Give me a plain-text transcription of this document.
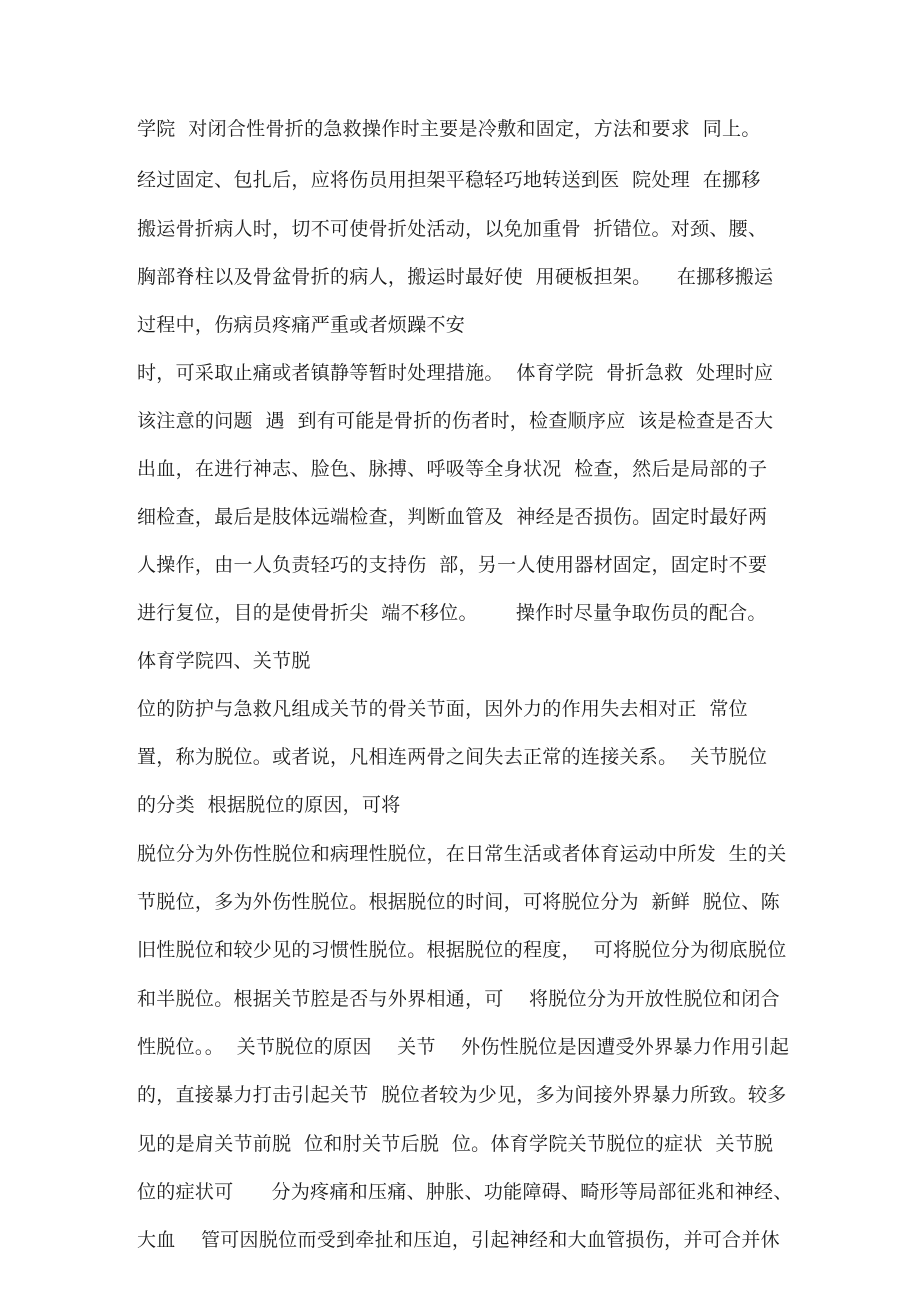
学院  对闭合性骨折的急救操作时主要是冷敷和固定，方法和要求  同上。
经过固定、包扎后，应将伤员用担架平稳轻巧地转送到医  院处理  在挪移
搬运骨折病人时，切不可使骨折处活动，以免加重骨  折错位。对颈、腰、
胸部脊柱以及骨盆骨折的病人，搬运时最好使  用硬板担架。    在挪移搬运
过程中，伤病员疼痛严重或者烦躁不安
时，可采取止痛或者镇静等暂时处理措施。  体育学院  骨折急救  处理时应
该注意的问题  遇  到有可能是骨折的伤者时，检查顺序应  该是检查是否大
出血，在进行神志、脸色、脉搏、呼吸等全身状况  检查，然后是局部的子
细检查，最后是肢体远端检查，判断血管及  神经是否损伤。固定时最好两
人操作，由一人负责轻巧的支持伤  部，另一人使用器材固定，固定时不要
进行复位，目的是使骨折尖  端不移位。      操作时尽量争取伤员的配合。
体育学院四、关节脱
位的防护与急救凡组成关节的骨关节面，因外力的作用失去相对正  常位
置，称为脱位。或者说，凡相连两骨之间失去正常的连接关系。  关节脱位
的分类  根据脱位的原因，可将
脱位分为外伤性脱位和病理性脱位，在日常生活或者体育运动中所发  生的关
节脱位，多为外伤性脱位。根据脱位的时间，可将脱位分为  新鲜  脱位、陈
旧性脱位和较少见的习惯性脱位。根据脱位的程度，  可将脱位分为彻底脱位
和半脱位。根据关节腔是否与外界相通，可    将脱位分为开放性脱位和闭合
性脱位。。  关节脱位的原因    关节    外伤性脱位是因遭受外界暴力作用引起
的，直接暴力打击引起关节  脱位者较为少见，多为间接外界暴力所致。较多
见的是肩关节前脱  位和肘关节后脱  位。体育学院关节脱位的症状  关节脱
位的症状可      分为疼痛和压痛、肿胀、功能障碍、畸形等局部征兆和神经、
大血    管可因脱位而受到牵扯和压迫，引起神经和大血管损伤，并可合并休
